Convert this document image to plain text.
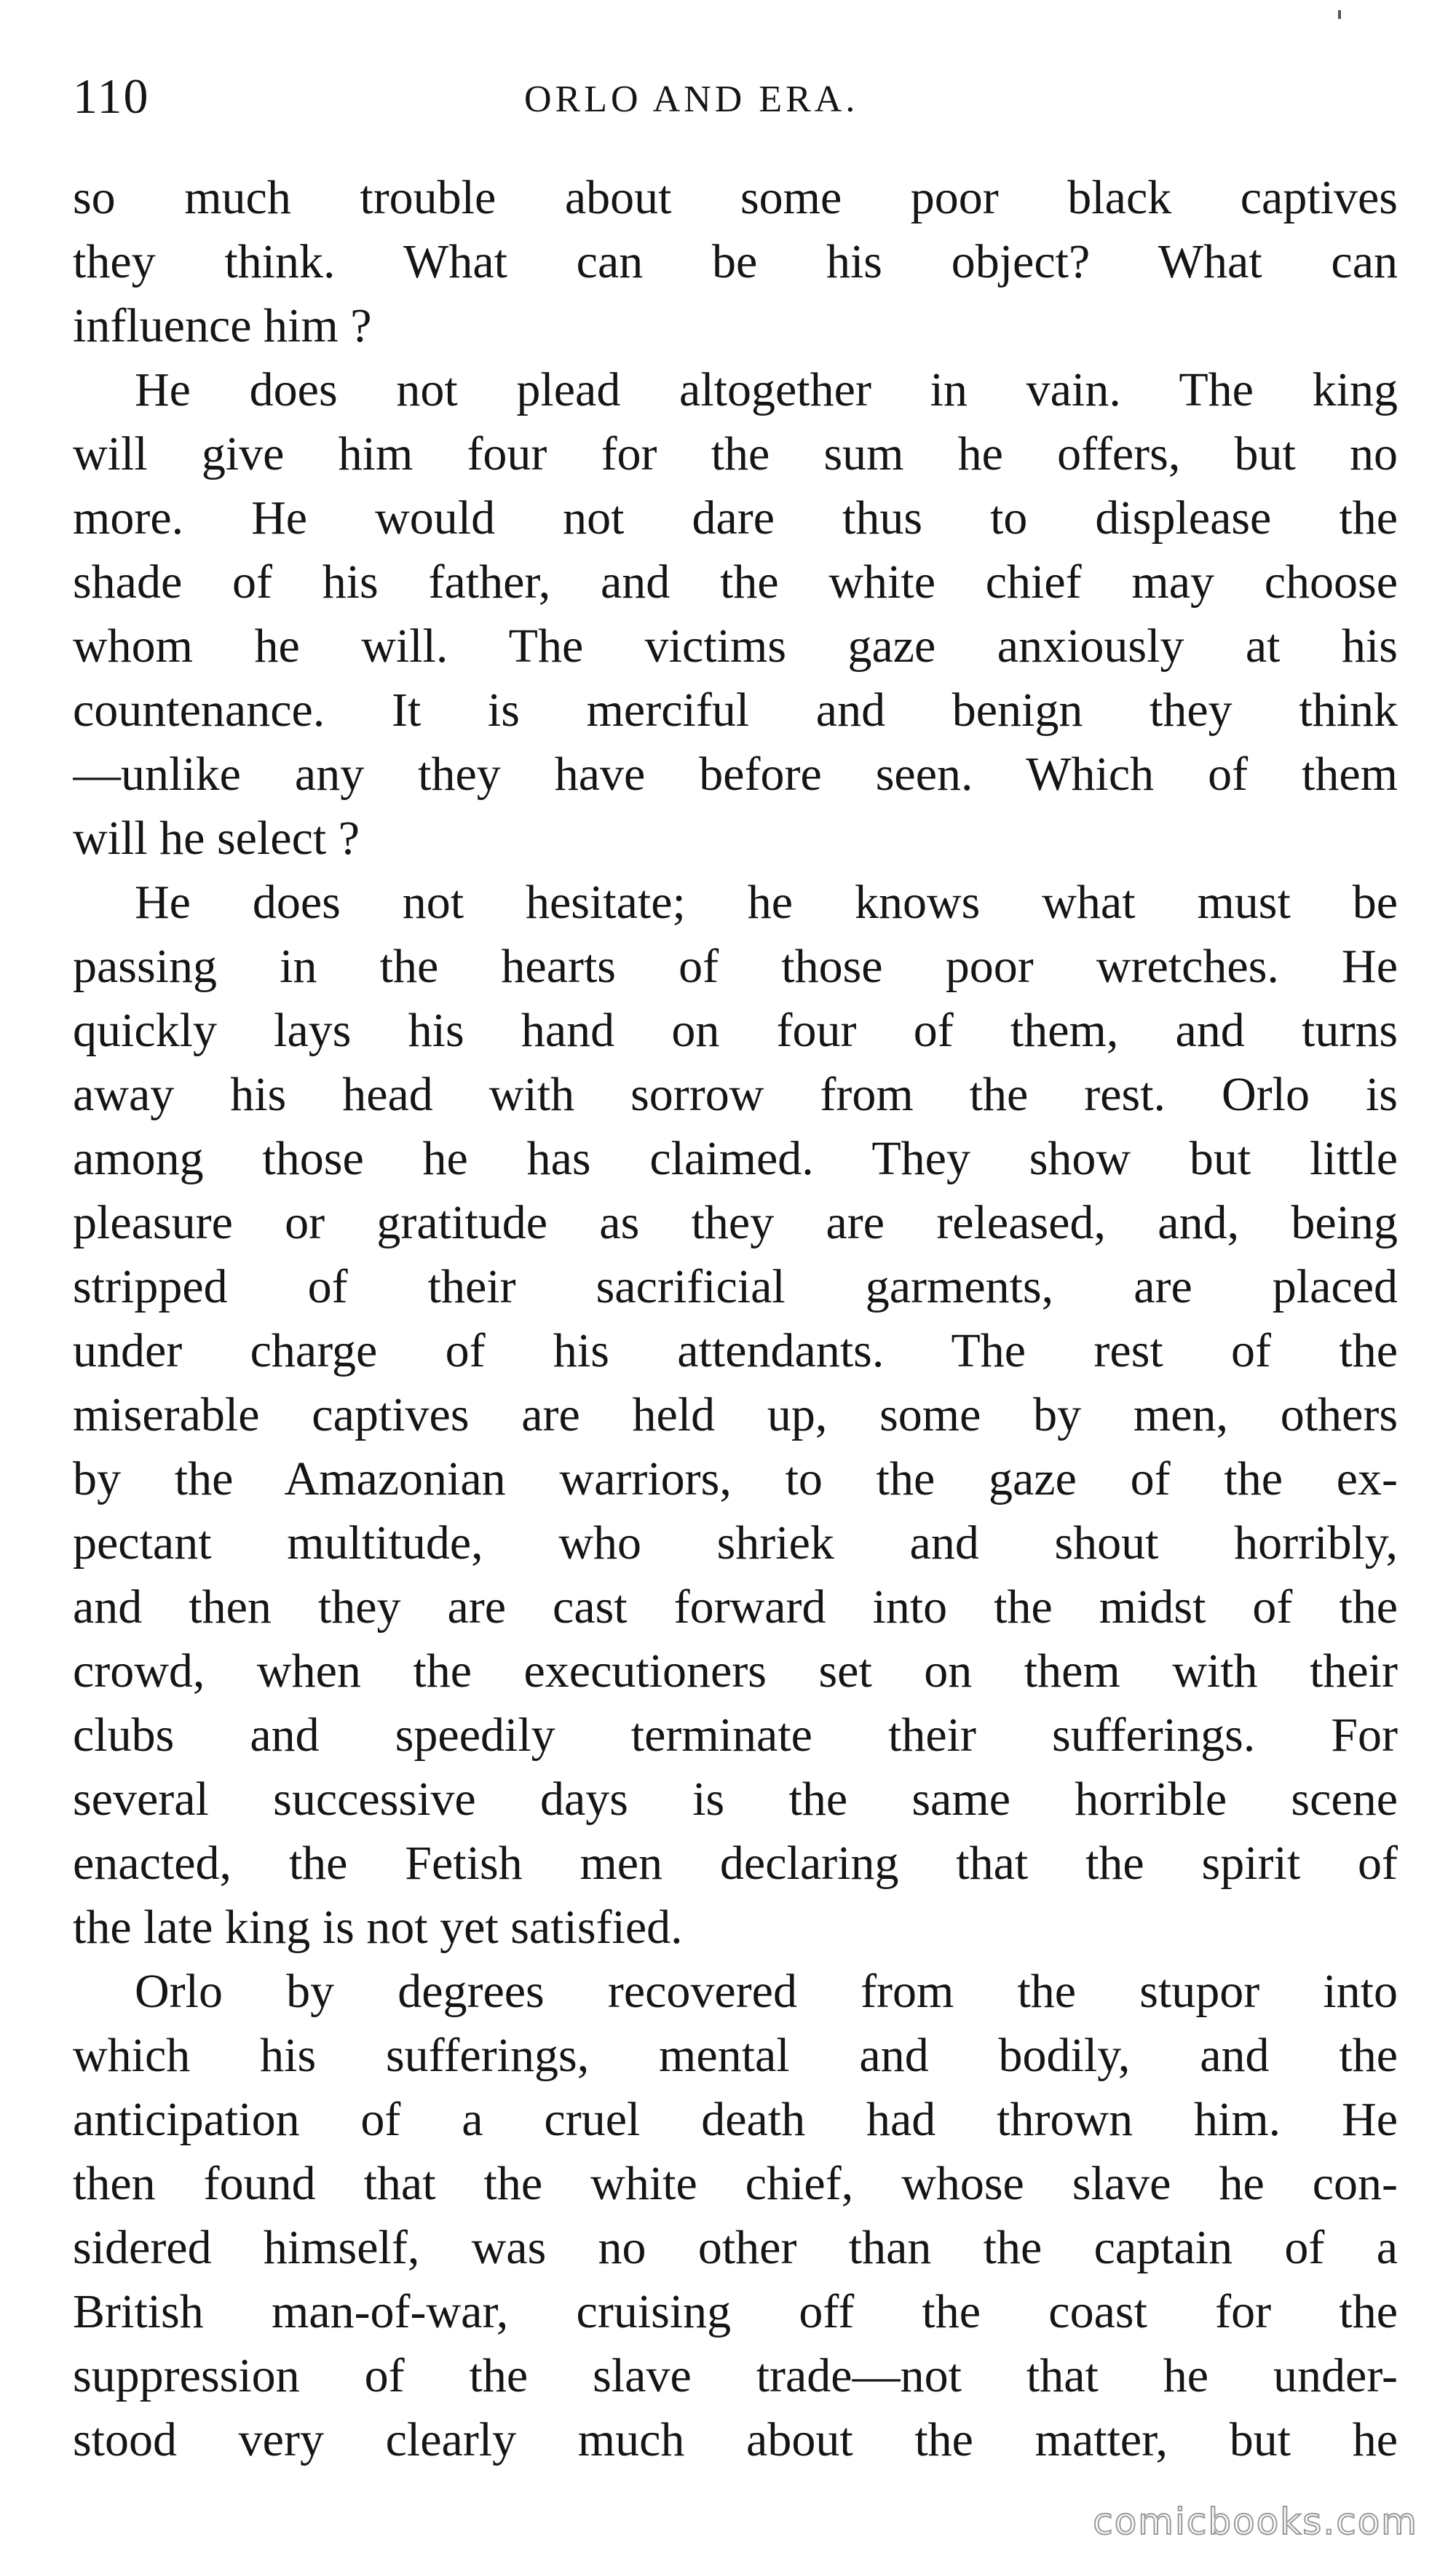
110	ORLO AND ERA.
so much trouble about some poor black captives
they think. What can be his object? What can
influence him ?
He does not plead altogether in vain. The king
will give him four for the sum he offers, but no
more. He would not dare thus to displease the
shade of his father, and the white chief may choose
whom he will. The victims gaze anxiously at his
countenance. It is merciful and benign they think
—unlike any they have before seen. Which of them
will he select ?
He does not hesitate; he knows what must be
passing in the hearts of those poor wretches. He
quickly lays his hand on four of them, and turns
away his head with sorrow from the rest. Orlo is
among those he has claimed. They show but little
pleasure or gratitude as they are released, and, being
stripped of their sacrificial garments, are placed
under charge of his attendants. The rest of the
miserable captives are held up, some by men, others
by the Amazonian warriors, to the gaze of the ex-
pectant multitude, who shriek and shout horribly,
and then they are cast forward into the midst of the
crowd, when the executioners set on them with their
clubs and speedily terminate their sufferings. For
several successive days is the same horrible scene
enacted, the Fetish men declaring that the spirit of
the late king is not yet satisfied.
Orlo by degrees recovered from the stupor into
which his sufferings, mental and bodily, and the
anticipation of a cruel death had thrown him. He
then found that the white chief, whose slave he con-
sidered himself, was no other than the captain of a
British man-of-war, cruising off the coast for the
suppression of the slave trade—not that he under-
stood very clearly much about the matter, but he
comicbooks.com
